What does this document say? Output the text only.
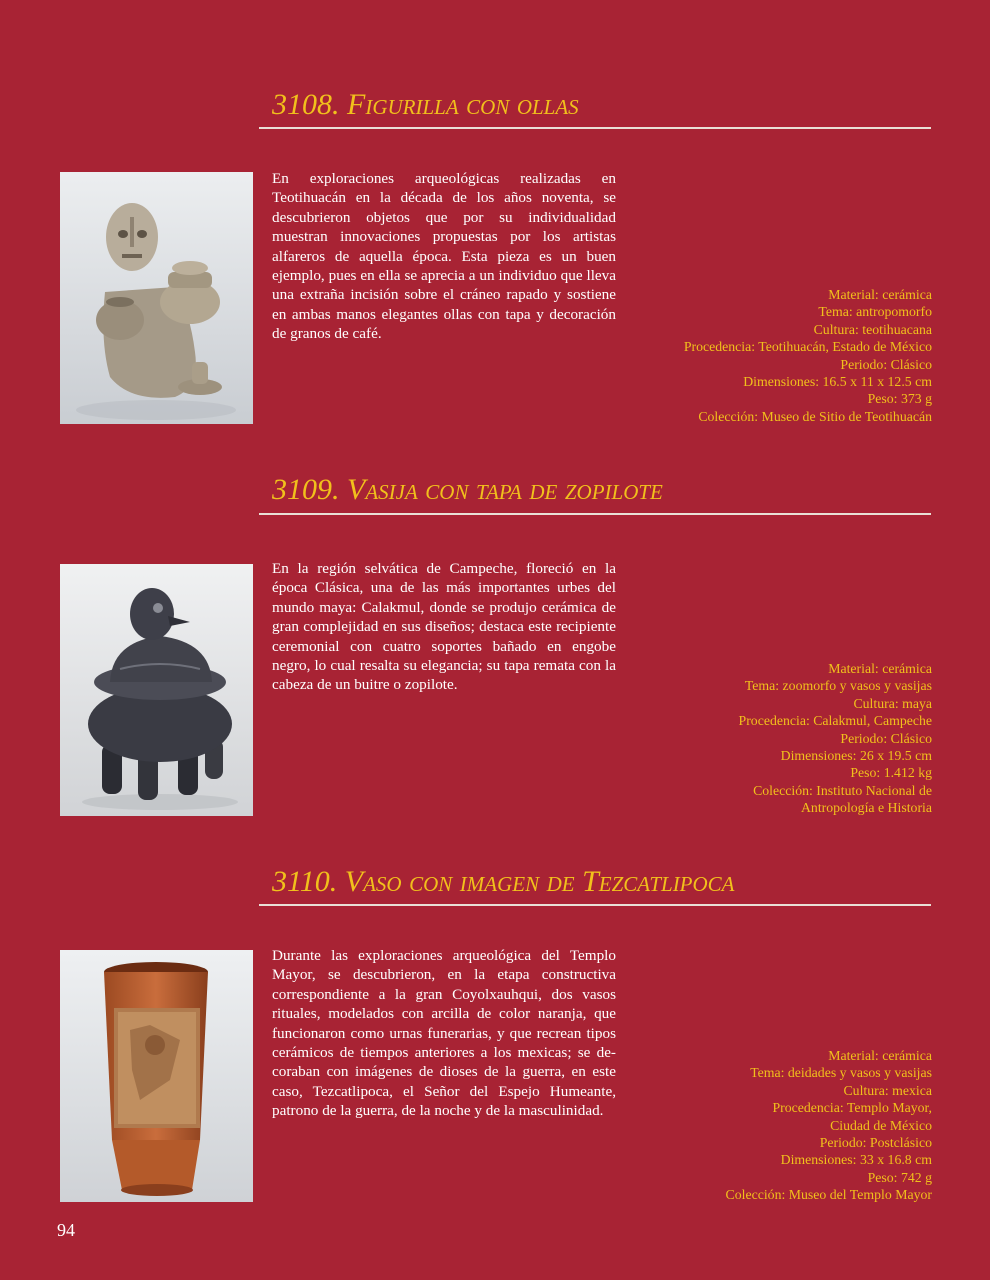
3108. Figurilla con ollas

En exploraciones arqueológicas realizadas en Teotihuacán en la década de los años noventa, se descubrieron objetos que por su individualidad muestran innovaciones propuestas por los artistas alfareros de aquella época. Esta pieza es un buen ejemplo, pues en ella se aprecia a un individuo que lleva una extraña incisión sobre el cráneo rapado y sostiene en ambas manos elegantes ollas con tapa y decoración de granos de café.

Material: cerámica
Tema: antropomorfo
Cultura: teotihuacana
Procedencia: Teotihuacán, Estado de México
Periodo: Clásico
Dimensiones: 16.5 x 11 x 12.5 cm
Peso: 373 g
Colección: Museo de Sitio de Teotihuacán
3109. Vasija con tapa de zopilote

En la región selvática de Campeche, floreció en la época Clásica, una de las más importantes urbes del mundo maya: Calakmul, donde se produjo cerámica de gran complejidad en sus diseños; destaca este recipiente ceremonial con cuatro soportes bañado en engobe negro, lo cual resalta su elegancia; su tapa remata con la cabeza de un buitre o zopilote.

Material: cerámica
Tema: zoomorfo y vasos y vasijas
Cultura: maya
Procedencia: Calakmul, Campeche
Periodo: Clásico
Dimensiones: 26 x 19.5 cm
Peso: 1.412 kg
Colección: Instituto Nacional de
Antropología e Historia
3110. Vaso con imagen de Tezcatlipoca

Durante las exploraciones arqueológica del Templo Mayor, se descubrieron, en la etapa constructiva correspondiente a la gran Coyolxauhqui, dos vasos rituales, modelados con arcilla de color naranja, que funcionaron como urnas funerarias, y que recrean tipos cerámicos de tiempos anteriores a los mexicas; se de-coraban con imágenes de dioses de la guerra, en este caso, Tezcatlipoca, el Señor del Espejo Humeante, patrono de la guerra, de la noche y de la masculinidad.

Material: cerámica
Tema: deidades y vasos y vasijas
Cultura: mexica
Procedencia: Templo Mayor,
Ciudad de México
Periodo: Postclásico
Dimensiones: 33 x 16.8 cm
Peso: 742 g
Colección: Museo del Templo Mayor

94
